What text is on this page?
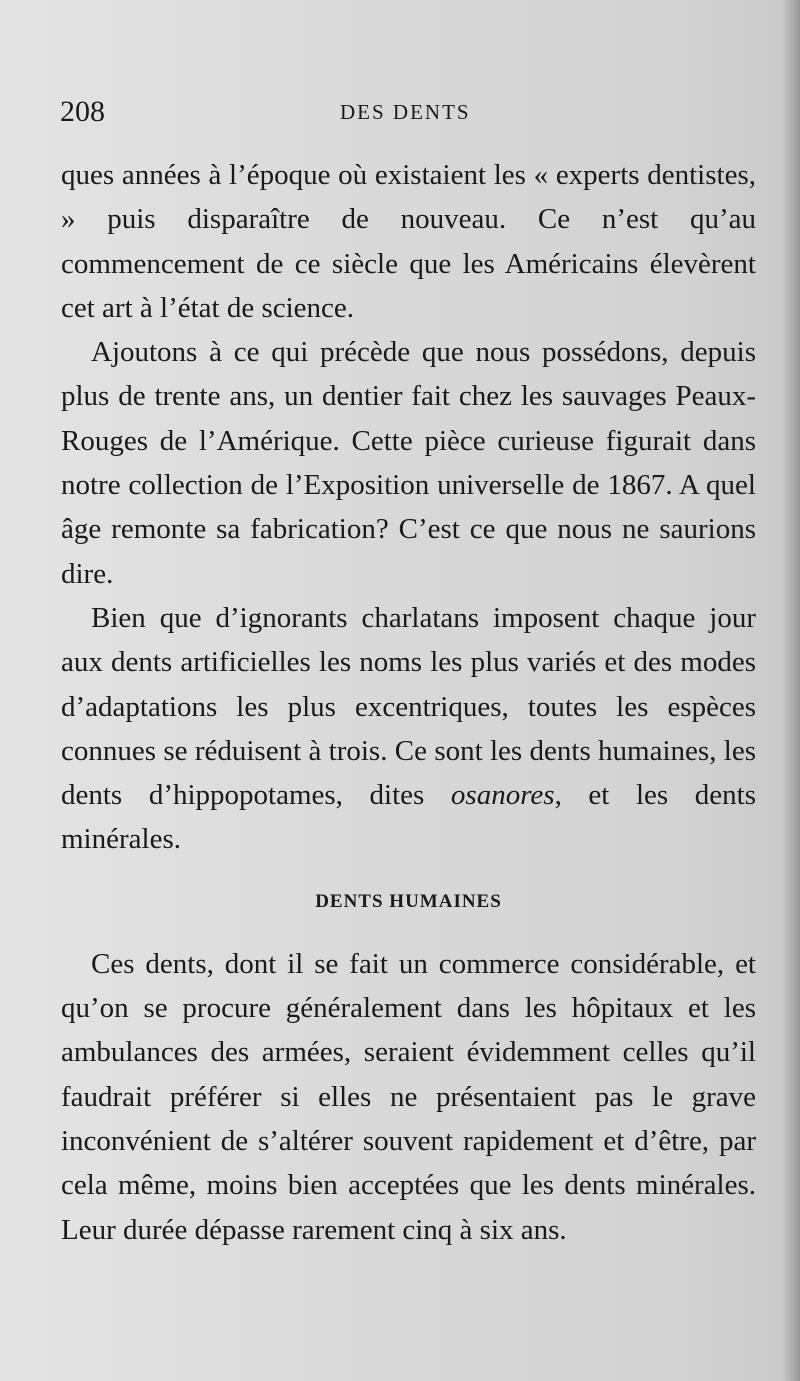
208	DES DENTS

ques années à l’époque où existaient les « experts dentistes, » puis disparaître de nouveau. Ce n’est qu’au commencement de ce siècle que les Américains élevèrent cet art à l’état de science.

Ajoutons à ce qui précède que nous possédons, depuis plus de trente ans, un dentier fait chez les sauvages Peaux-Rouges de l’Amérique. Cette pièce curieuse figurait dans notre collection de l’Exposition universelle de 1867. A quel âge remonte sa fabrication? C’est ce que nous ne saurions dire.

Bien que d’ignorants charlatans imposent chaque jour aux dents artificielles les noms les plus variés et des modes d’adaptations les plus excentriques, toutes les espèces connues se réduisent à trois. Ce sont les dents humaines, les dents d’hippopotames, dites osanores, et les dents minérales.

DENTS HUMAINES

Ces dents, dont il se fait un commerce considérable, et qu’on se procure généralement dans les hôpitaux et les ambulances des armées, seraient évidemment celles qu’il faudrait préférer si elles ne présentaient pas le grave inconvénient de s’altérer souvent rapidement et d’être, par cela même, moins bien acceptées que les dents minérales. Leur durée dépasse rarement cinq à six ans.
